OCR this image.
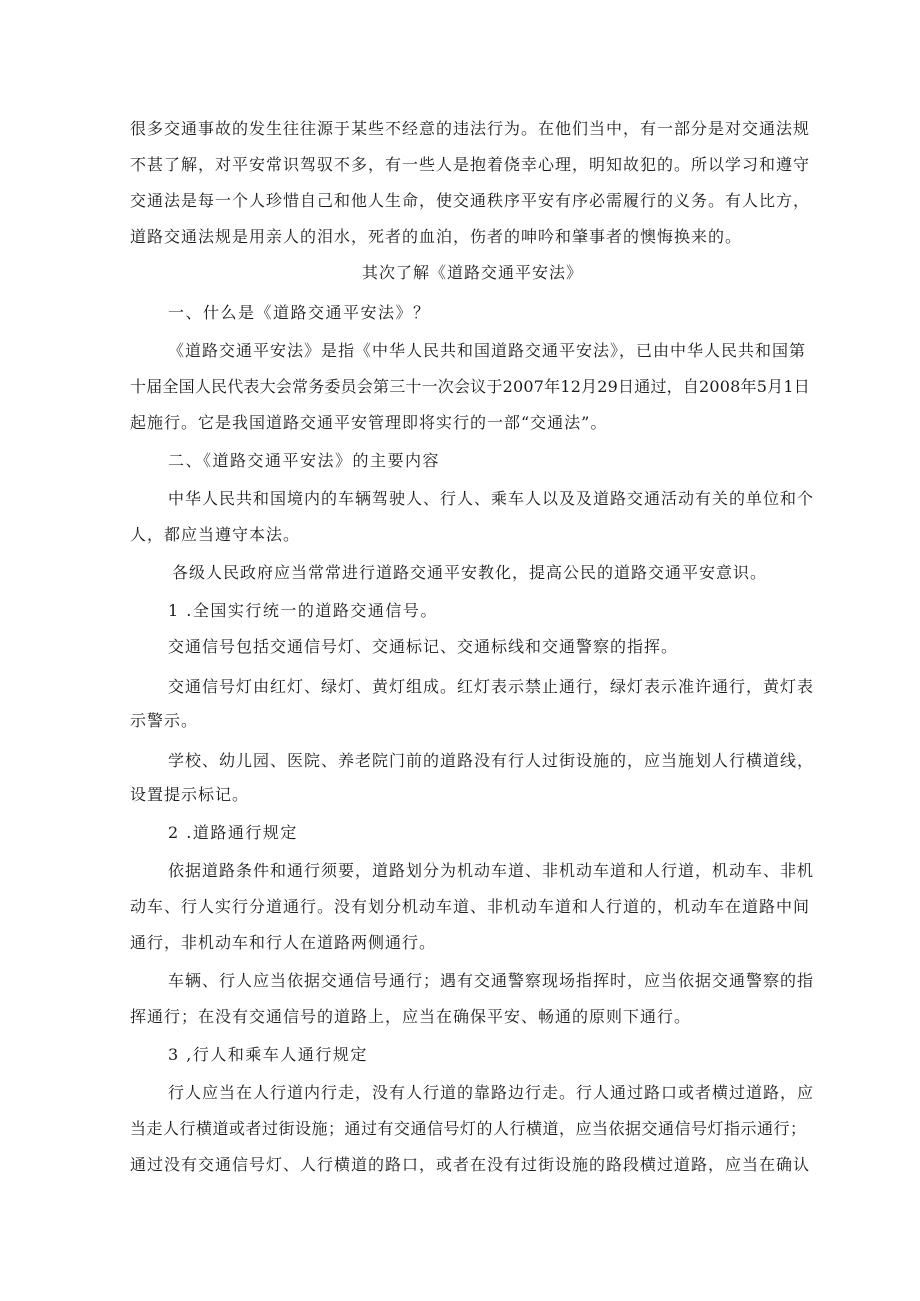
很多交通事故的发生往往源于某些不经意的违法行为。在他们当中，有一部分是对交通法规
不甚了解，对平安常识驾驭不多，有一些人是抱着侥幸心理，明知故犯的。所以学习和遵守
交通法是每一个人珍惜自己和他人生命，使交通秩序平安有序必需履行的义务。有人比方，
道路交通法规是用亲人的泪水，死者的血泊，伤者的呻吟和肇事者的懊悔换来的。
其次了解《道路交通平安法》
一、什么是《道路交通平安法》？
《道路交通平安法》是指《中华人民共和国道路交通平安法》，已由中华人民共和国第
十届全国人民代表大会常务委员会第三十一次会议于2007年12月29日通过，自2008年5月1日
起施行。它是我国道路交通平安管理即将实行的一部“交通法”。
二、《道路交通平安法》的主要内容
中华人民共和国境内的车辆驾驶人、行人、乘车人以及及道路交通活动有关的单位和个
人，都应当遵守本法。
各级人民政府应当常常进行道路交通平安教化，提高公民的道路交通平安意识。
1 .全国实行统一的道路交通信号。
交通信号包括交通信号灯、交通标记、交通标线和交通警察的指挥。
交通信号灯由红灯、绿灯、黄灯组成。红灯表示禁止通行，绿灯表示准许通行，黄灯表
示警示。
学校、幼儿园、医院、养老院门前的道路没有行人过街设施的，应当施划人行横道线，
设置提示标记。
2 .道路通行规定
依据道路条件和通行须要，道路划分为机动车道、非机动车道和人行道，机动车、非机
动车、行人实行分道通行。没有划分机动车道、非机动车道和人行道的，机动车在道路中间
通行，非机动车和行人在道路两侧通行。
车辆、行人应当依据交通信号通行；遇有交通警察现场指挥时，应当依据交通警察的指
挥通行；在没有交通信号的道路上，应当在确保平安、畅通的原则下通行。
3 ,行人和乘车人通行规定
行人应当在人行道内行走，没有人行道的靠路边行走。行人通过路口或者横过道路，应
当走人行横道或者过街设施；通过有交通信号灯的人行横道，应当依据交通信号灯指示通行；
通过没有交通信号灯、人行横道的路口，或者在没有过街设施的路段横过道路，应当在确认
